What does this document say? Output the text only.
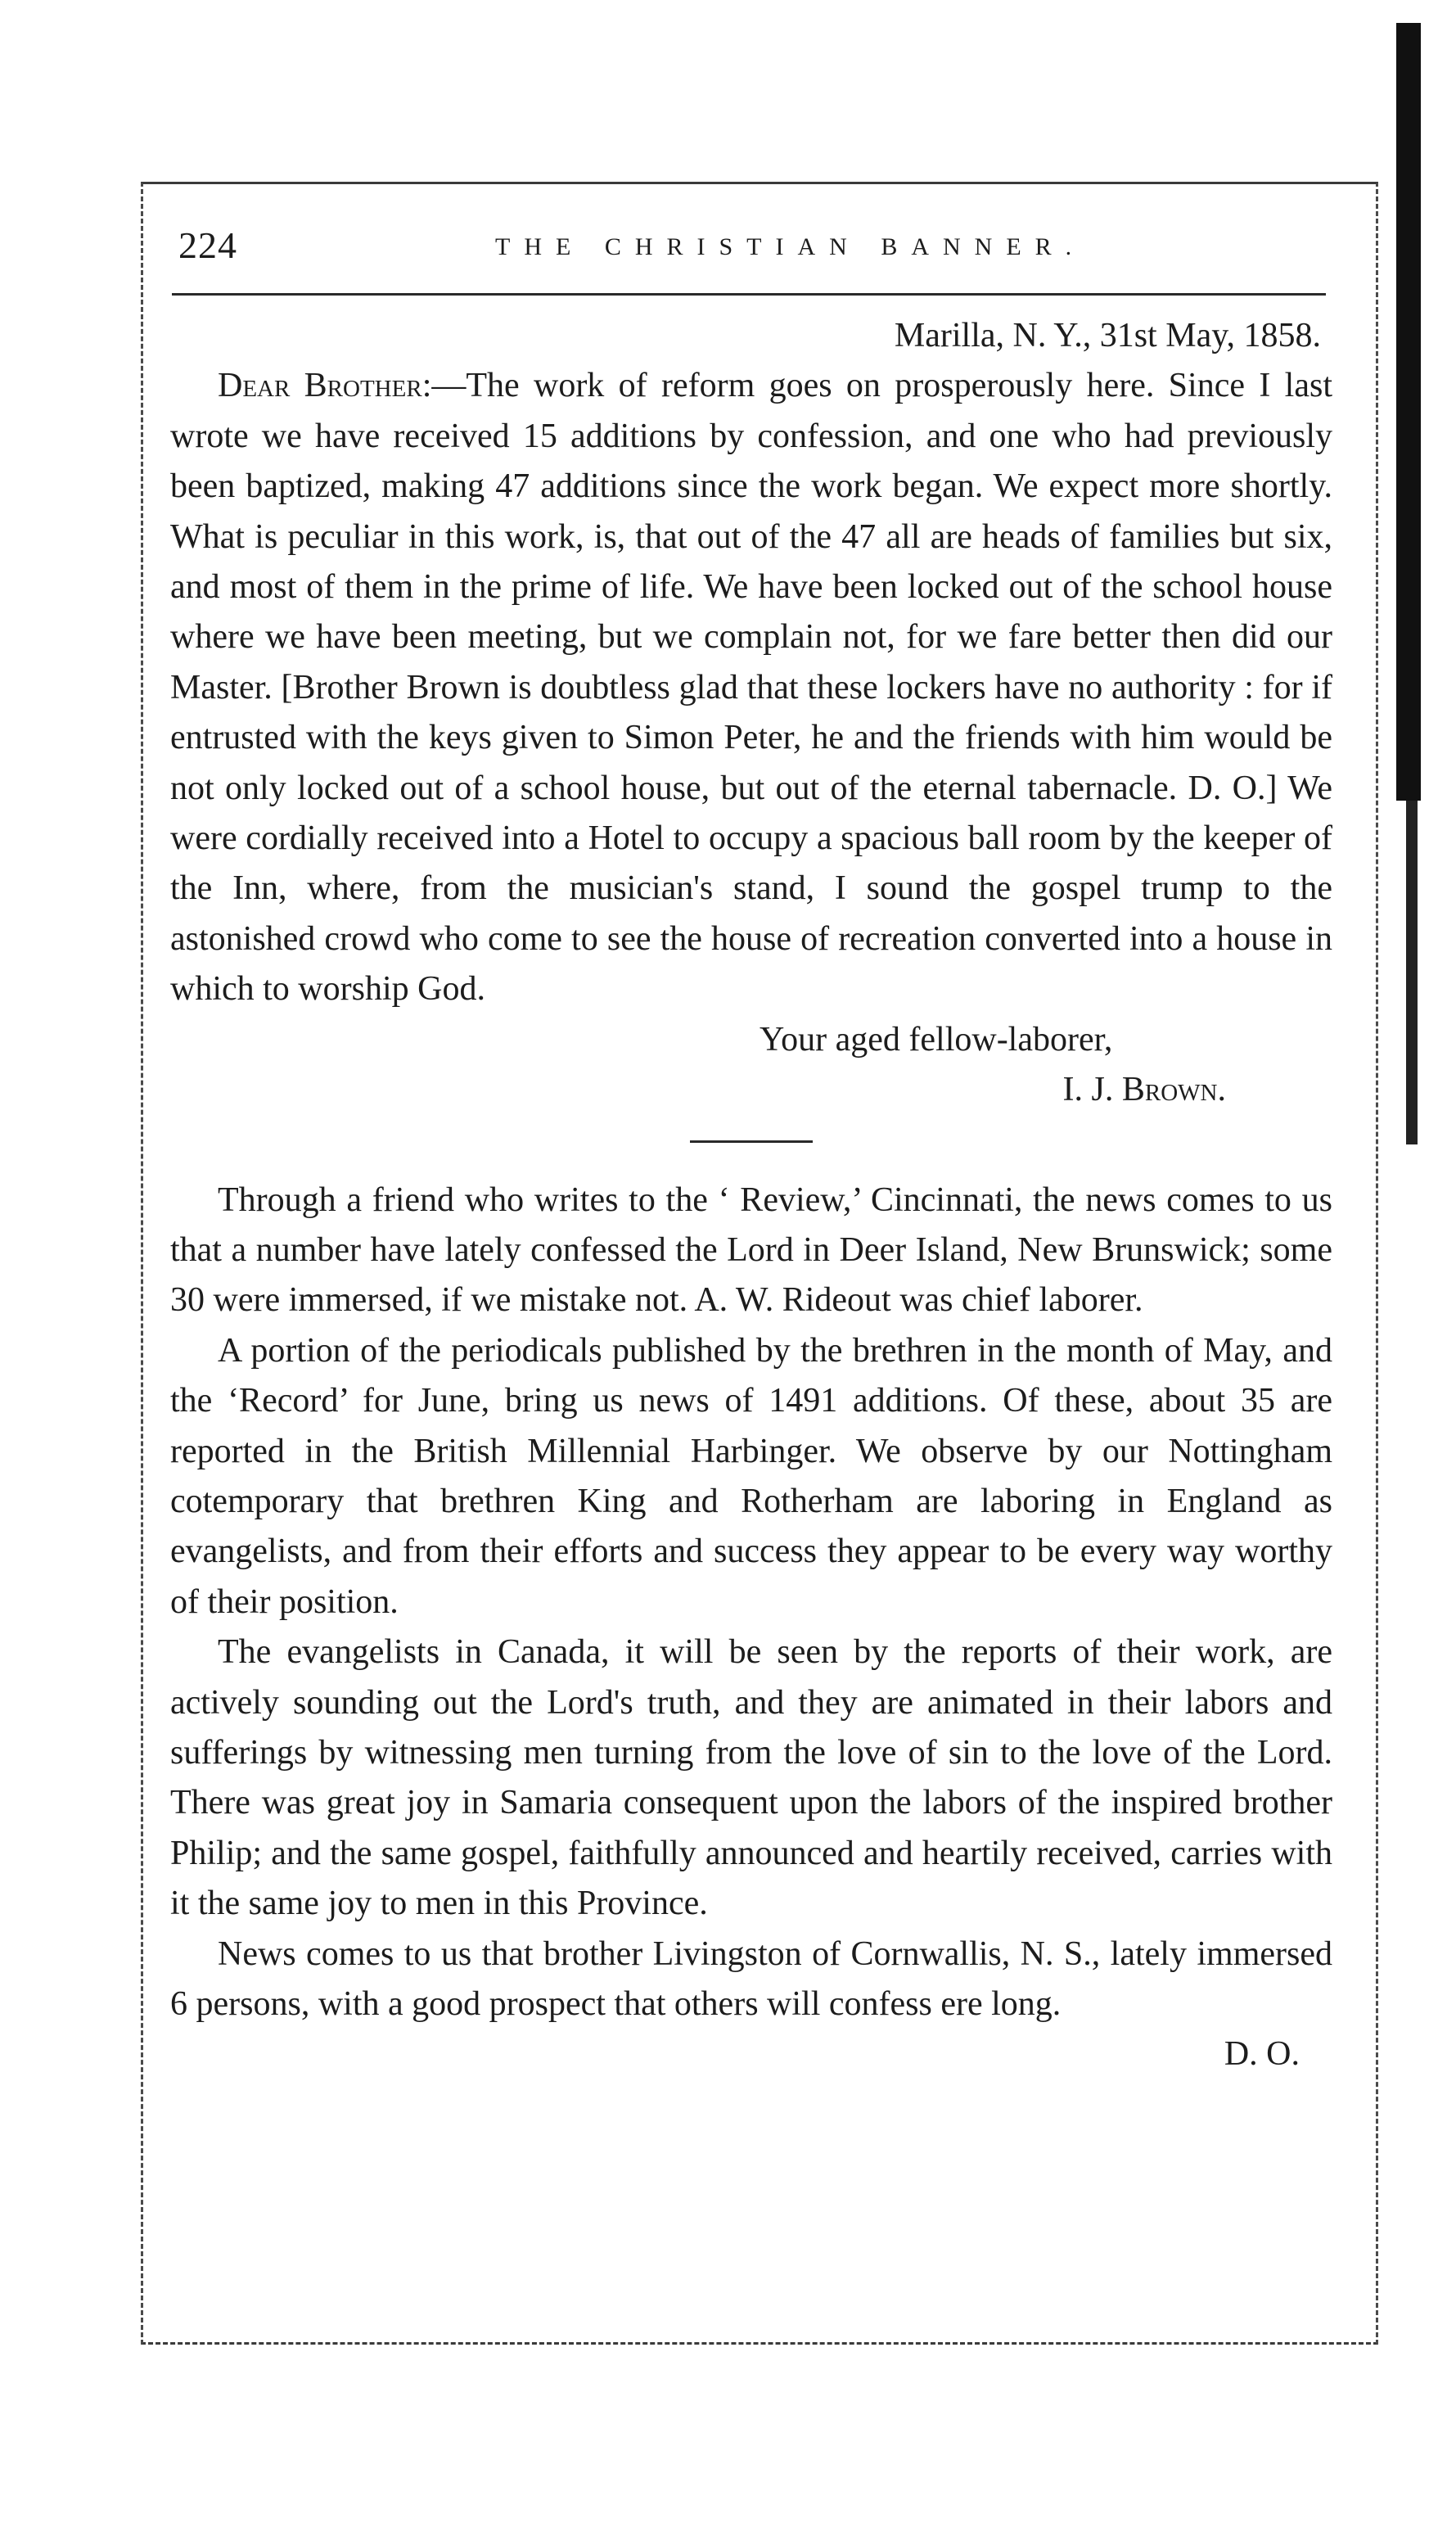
224	THE CHRISTIAN BANNER.

Marilla, N. Y., 31st May, 1858.

Dear Brother:—The work of reform goes on prosperously here. Since I last wrote we have received 15 additions by confession, and one who had previously been baptized, making 47 additions since the work began. We expect more shortly. What is peculiar in this work, is, that out of the 47 all are heads of families but six, and most of them in the prime of life. We have been locked out of the school house where we have been meeting, but we complain not, for we fare better then did our Master. [Brother Brown is doubtless glad that these lockers have no authority : for if entrusted with the keys given to Simon Peter, he and the friends with him would be not only locked out of a school house, but out of the eternal tabernacle. D. O.] We were cordially received into a Hotel to occupy a spacious ball room by the keeper of the Inn, where, from the musician's stand, I sound the gospel trump to the astonished crowd who come to see the house of recreation converted into a house in which to worship God.

Your aged fellow-laborer,

I. J. Brown.

Through a friend who writes to the ‘ Review,’ Cincinnati, the news comes to us that a number have lately confessed the Lord in Deer Island, New Brunswick; some 30 were immersed, if we mistake not. A. W. Rideout was chief laborer.

A portion of the periodicals published by the brethren in the month of May, and the ‘Record’ for June, bring us news of 1491 additions. Of these, about 35 are reported in the British Millennial Harbinger. We observe by our Nottingham cotemporary that brethren King and Rotherham are laboring in England as evangelists, and from their efforts and success they appear to be every way worthy of their position.

The evangelists in Canada, it will be seen by the reports of their work, are actively sounding out the Lord's truth, and they are animated in their labors and sufferings by witnessing men turning from the love of sin to the love of the Lord. There was great joy in Samaria consequent upon the labors of the inspired brother Philip; and the same gospel, faithfully announced and heartily received, carries with it the same joy to men in this Province.

News comes to us that brother Livingston of Cornwallis, N. S., lately immersed 6 persons, with a good prospect that others will confess ere long.

D. O.
